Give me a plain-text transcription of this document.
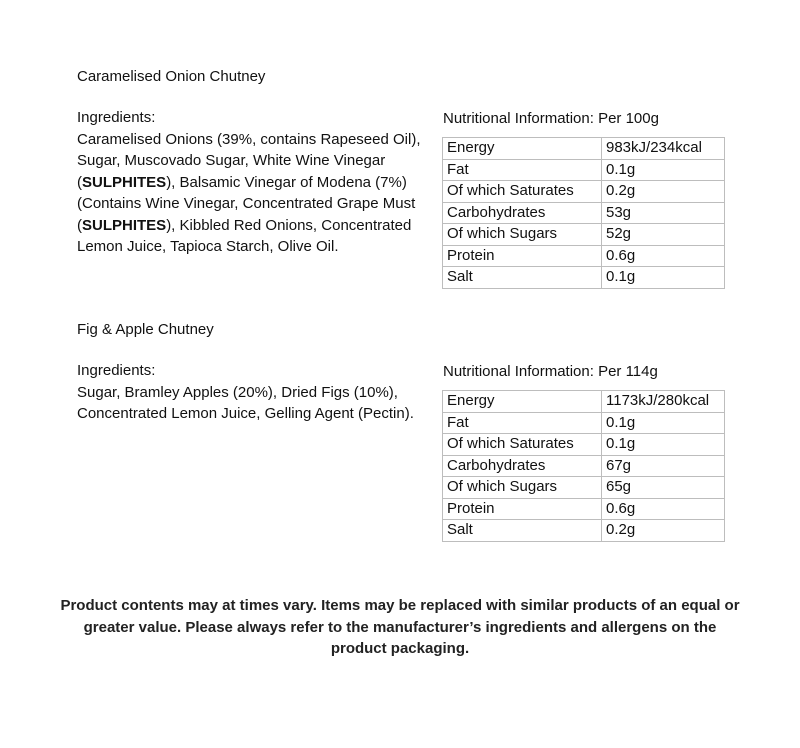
Caramelised Onion Chutney
Ingredients:
Caramelised Onions (39%, contains Rapeseed Oil), Sugar, Muscovado Sugar, White Wine Vinegar (SULPHITES), Balsamic Vinegar of Modena (7%) (Contains Wine Vinegar, Concentrated Grape Must (SULPHITES), Kibbled Red Onions, Concentrated Lemon Juice, Tapioca Starch, Olive Oil.
Nutritional Information: Per 100g
Energy	983kJ/234kcal
Fat	0.1g
Of which Saturates	0.2g
Carbohydrates	53g
Of which Sugars	52g
Protein	0.6g
Salt	0.1g
Fig & Apple Chutney
Ingredients:
Sugar, Bramley Apples (20%), Dried Figs (10%), Concentrated Lemon Juice, Gelling Agent (Pectin).
Nutritional Information: Per 114g
Energy	1173kJ/280kcal
Fat	0.1g
Of which Saturates	0.1g
Carbohydrates	67g
Of which Sugars	65g
Protein	0.6g
Salt	0.2g
Product contents may at times vary. Items may be replaced with similar products of an equal or greater value. Please always refer to the manufacturer’s ingredients and allergens on the product packaging.
